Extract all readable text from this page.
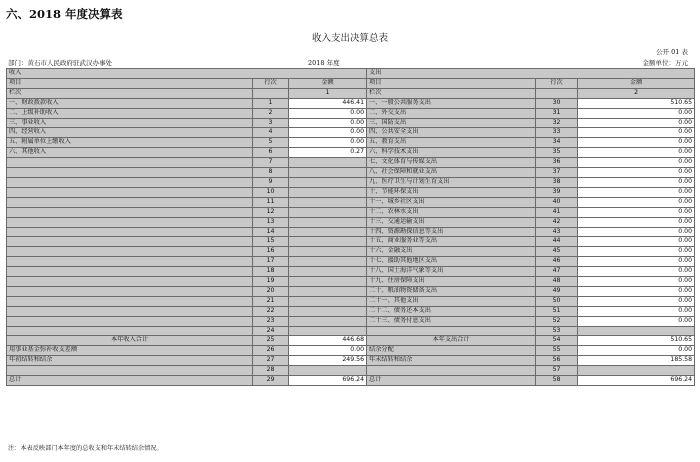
六、2018 年度决算表
收入支出决算总表
公开 01 表
部门：黄石市人民政府驻武汉办事处	2018 年度	金额单位：万元
收入			支出		
项目	行次	金额	项目	行次	金额
栏次		1	栏次		2
一、财政拨款收入	1	446.41	一、一般公共服务支出	30	510.65
二、上级补助收入	2	0.00	二、外交支出	31	0.00
三、事业收入	3	0.00	三、国防支出	32	0.00
四、经营收入	4	0.00	四、公共安全支出	33	0.00
五、附属单位上缴收入	5	0.00	五、教育支出	34	0.00
六、其他收入	6	0.27	六、科学技术支出	35	0.00
	7		七、文化体育与传媒支出	36	0.00
	8		八、社会保障和就业支出	37	0.00
	9		九、医疗卫生与计划生育支出	38	0.00
	10		十、节能环保支出	39	0.00
	11		十一、城乡社区支出	40	0.00
	12		十二、农林水支出	41	0.00
	13		十三、交通运输支出	42	0.00
	14		十四、资源勘探信息等支出	43	0.00
	15		十五、商业服务业等支出	44	0.00
	16		十六、金融支出	45	0.00
	17		十七、援助其他地区支出	46	0.00
	18		十八、国土海洋气象等支出	47	0.00
	19		十九、住房保障支出	48	0.00
	20		二十、粮油物资储备支出	49	0.00
	21		二十一、其他支出	50	0.00
	22		二十二、债务还本支出	51	0.00
	23		二十三、债务付息支出	52	0.00
	24			53	
本年收入合计	25	446.68	本年支出合计	54	510.65
用事业基金弥补收支差额	26	0.00	结余分配	55	0.00
年初结转和结余	27	249.56	年末结转和结余	56	185.58
	28			57	
总计	29	696.24	总计	58	696.24
注：本表反映部门本年度的总收支和年末结转结余情况。
